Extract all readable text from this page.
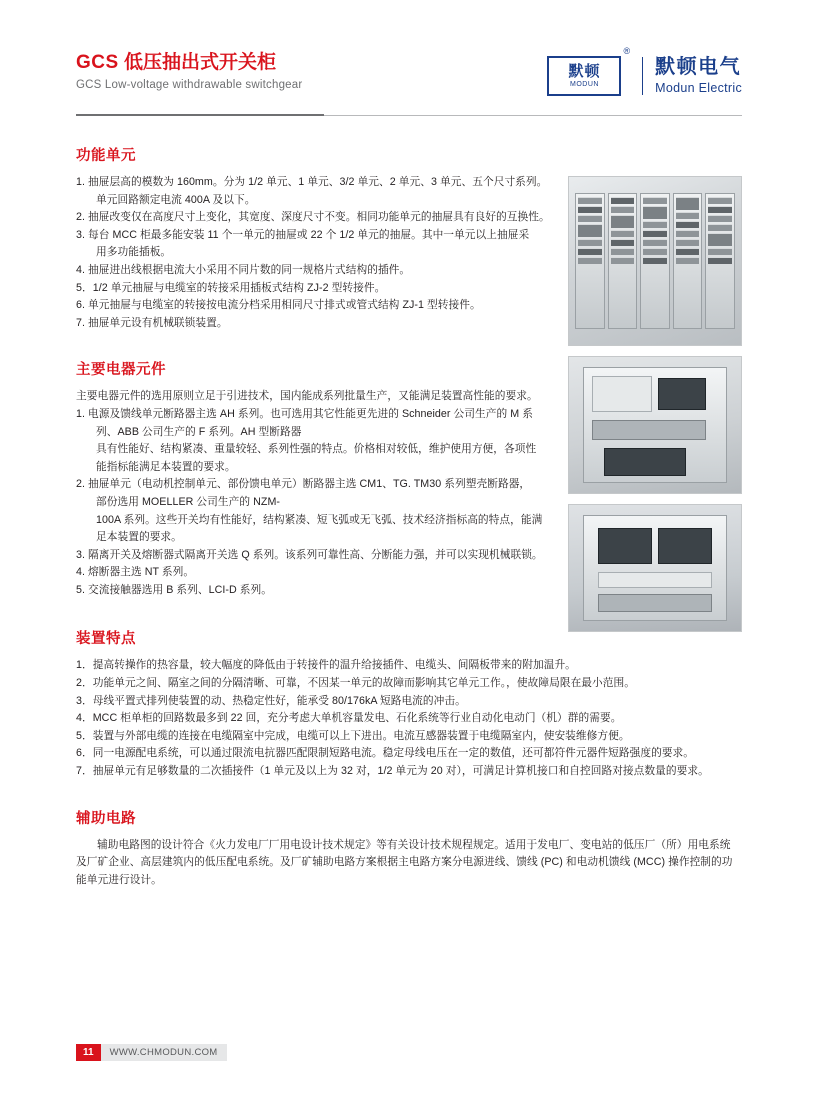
GCS 低压抽出式开关柜
GCS Low-voltage withdrawable switchgear
默顿
MODUN
®
默顿电气
Modun Electric
功能单元

1. 抽屉层高的模数为 160mm。分为 1/2 单元、1 单元、3/2 单元、2 单元、3 单元、五个尺寸系列。

单元回路额定电流 400A 及以下。

2. 抽屉改变仅在高度尺寸上变化，其宽度、深度尺寸不变。相同功能单元的抽屉具有良好的互换性。

3. 每台 MCC 柜最多能安装 11 个一单元的抽屉或 22 个 1/2 单元的抽屉。其中一单元以上抽屉采

用多功能插板。

4. 抽屉进出线根据电流大小采用不同片数的同一规格片式结构的插件。

5．1/2 单元抽屉与电缆室的转接采用插板式结构 ZJ-2 型转接件。

6. 单元抽屉与电缆室的转接按电流分档采用相同尺寸排式或管式结构 ZJ-1 型转接件。

7. 抽屉单元设有机械联锁装置。

主要电器元件

主要电器元件的选用原则立足于引进技术，国内能成系列批量生产，又能满足装置高性能的要求。

1. 电源及馈线单元断路器主选 AH 系列。也可选用其它性能更先进的 Schneider 公司生产的 M 系

列、ABB 公司生产的 F 系列。AH 型断路器

具有性能好、结构紧凑、重量较轻、系列性强的特点。价格相对较低，维护使用方便，各项性

能指标能满足本装置的要求。

2. 抽屉单元（电动机控制单元、部份馈电单元）断路器主选 CM1、TG. TM30 系列塑壳断路器，

部份选用 MOELLER 公司生产的 NZM-

100A 系列。这些开关均有性能好，结构紧凑、短飞弧或无飞弧、技术经济指标高的特点，能满

足本装置的要求。

3. 隔离开关及熔断器式隔离开关选 Q 系列。该系列可靠性高、分断能力强，并可以实现机械联锁。

4. 熔断器主选 NT 系列。

5. 交流接触器选用 B 系列、LCI-D 系列。

装置特点

1．提高转操作的热容量，较大幅度的降低由于转接件的温升给接插件、电缆头、间隔板带来的附加温升。

2．功能单元之间、隔室之间的分隔清晰、可靠，不因某一单元的故障而影响其它单元工作。，使故障局限在最小范围。

3．母线平置式排列使装置的动、热稳定性好，能承受 80/176kA 短路电流的冲击。

4．MCC 柜单柜的回路数最多到 22 回，充分考虑大单机容量发电、石化系统等行业自动化电动门（机）群的需要。

5．装置与外部电缆的连接在电缆隔室中完成，电缆可以上下进出。电流互感器装置于电缆隔室内，使安装维修方便。

6．同一电源配电系统，可以通过限流电抗器匹配限制短路电流。稳定母线电压在一定的数值，还可都符件元器件短路强度的要求。

7．抽屉单元有足够数量的二次插接件（1 单元及以上为 32 对，1/2 单元为 20 对），可满足计算机接口和自控回路对接点数量的要求。

辅助电路

辅助电路图的设计符合《火力发电厂厂用电设计技术规定》等有关设计技术规程规定。适用于发电厂、变电站的低压厂（所）用电系统

及厂矿企业、高层建筑内的低压配电系统。及厂矿辅助电路方案根据主电路方案分电源进线、馈线 (PC) 和电动机馈线 (MCC) 操作控制的功

能单元进行设计。

11	WWW.CHMODUN.COM
